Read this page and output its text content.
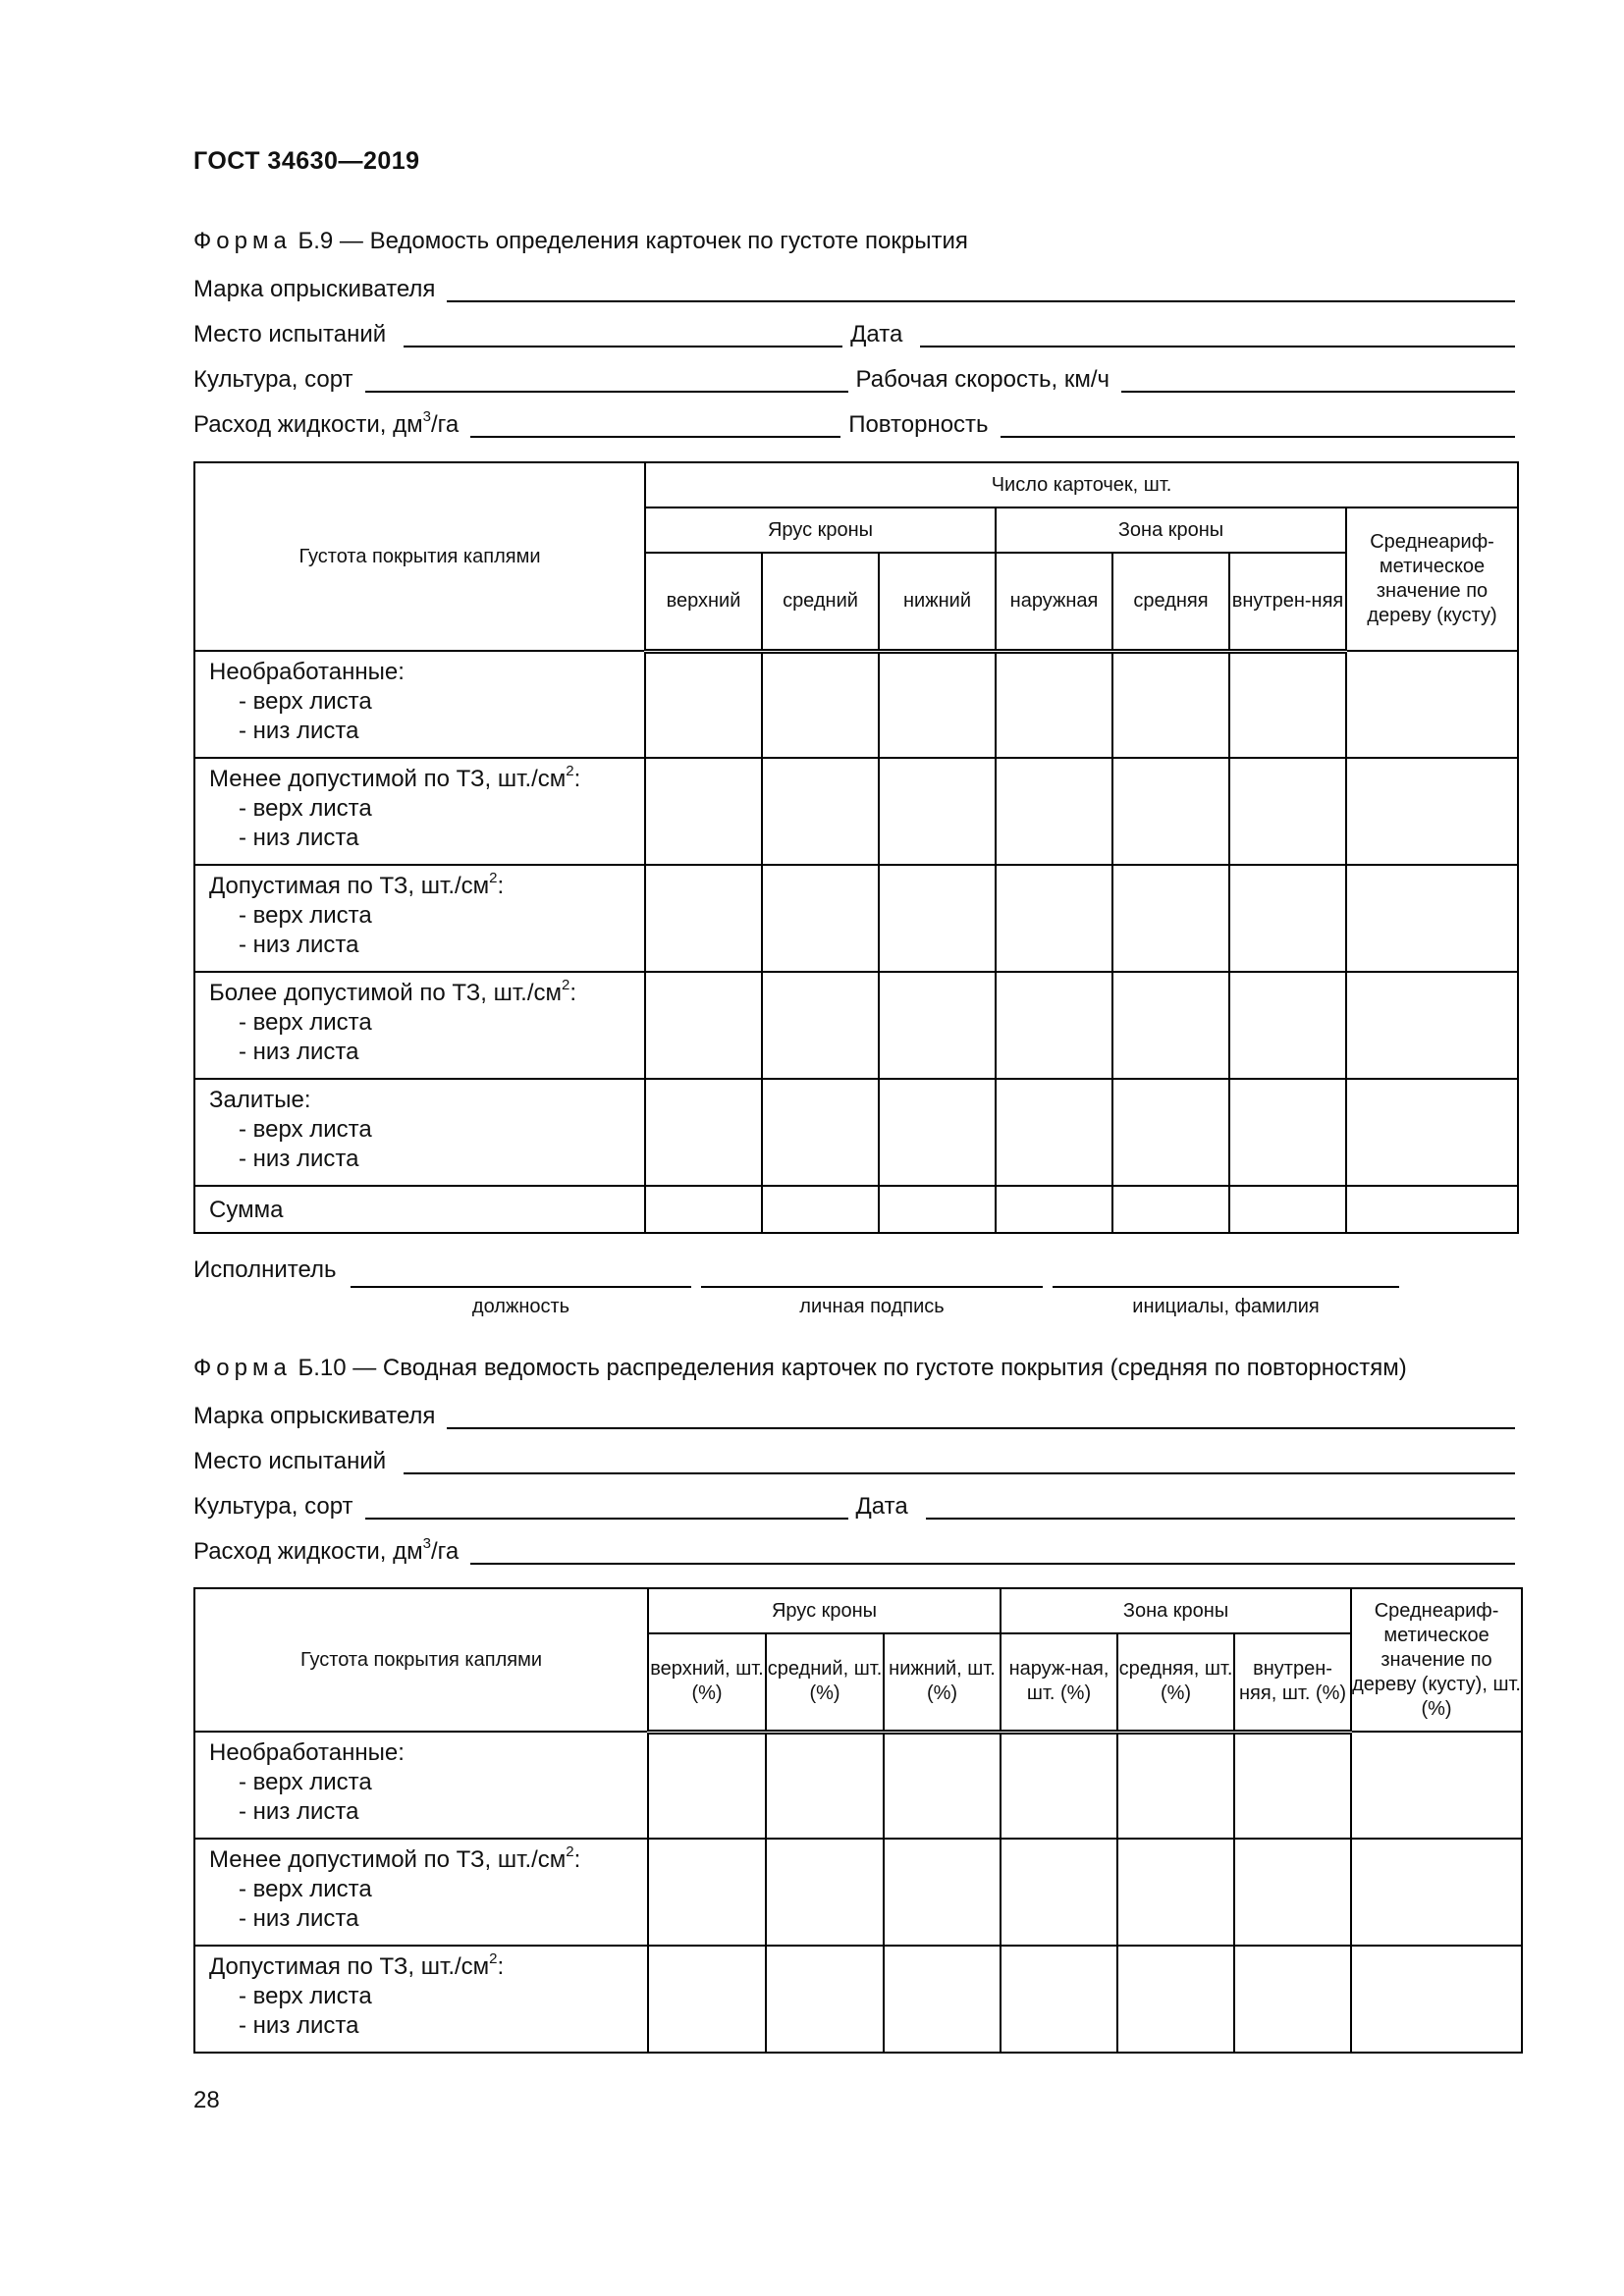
ГОСТ 34630—2019
Форма Б.9 — Ведомость определения карточек по густоте покрытия
Марка опрыскивателя
Место испытаний	Дата
Культура, сорт	Рабочая скорость, км/ч
Расход жидкости, $дм^3/га$	Повторность
Густота покрытия каплями	Число карточек, шт.						
	Ярус кроны			Зона кроны			Среднеариф-метическое значение по дереву (кусту)
	верхний	средний	нижний	наружная	средняя	внутрен-няя	
Необработанные:
- верх листа
- низ листа							

Менее допустимой по ТЗ, $шт./см^2$:
- верх листа
- низ листа							

Допустимая по ТЗ, $шт./см^2$:
- верх листа
- низ листа							

Более допустимой по ТЗ, $шт./см^2$:
- верх листа
- низ листа							

Залитые:
- верх листа
- низ листа							

Сумма							
Исполнитель
должность	личная подпись	инициалы, фамилия
Форма Б.10 — Сводная ведомость распределения карточек по густоте покрытия (средняя по повторностям)
Марка опрыскивателя
Место испытаний
Культура, сорт	Дата
Расход жидкости, $дм^3/га$
Густота покрытия каплями	Ярус кроны			Зона кроны			Среднеариф-метическое значение по дереву (кусту), шт. (%)
	верхний, шт. (%)	средний, шт. (%)	нижний, шт. (%)	наруж-ная, шт. (%)	средняя, шт. (%)	внутрен-няя, шт. (%)	
Необработанные:
- верх листа
- низ листа							

Менее допустимой по ТЗ, $шт./см^2$:
- верх листа
- низ листа							

Допустимая по ТЗ, $шт./см^2$:
- верх листа
- низ листа							

28
